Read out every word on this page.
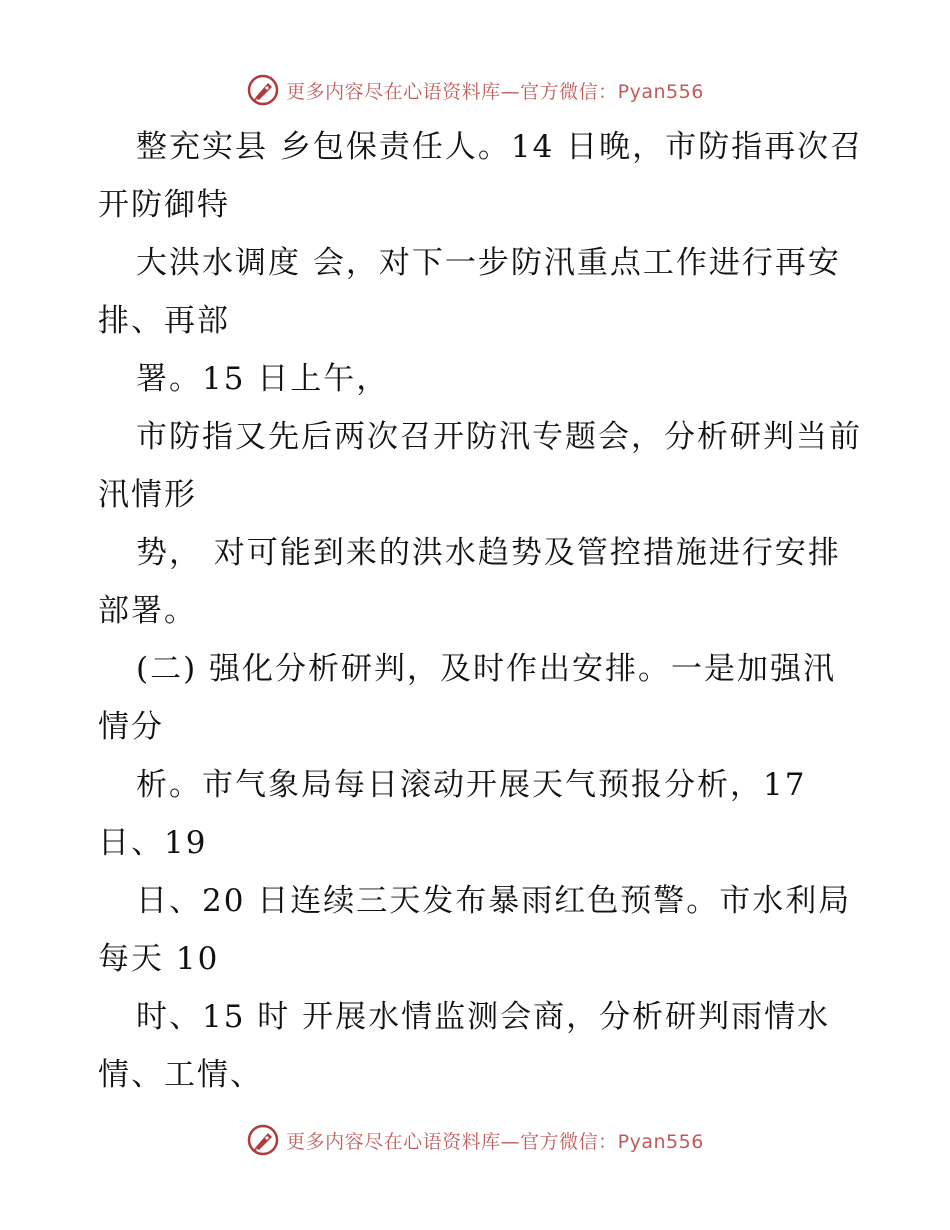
更多内容尽在心语资料库—官方微信：Pyan556

整充实县 乡包保责任人。14 日晚，市防指再次召开防御特

大洪水调度 会，对下一步防汛重点工作进行再安排、再部

署。15 日上午，

市防指又先后两次召开防汛专题会，分析研判当前汛情形

势， 对可能到来的洪水趋势及管控措施进行安排部署。

(二) 强化分析研判，及时作出安排。一是加强汛情分

析。市气象局每日滚动开展天气预报分析，17 日、19

日、20 日连续三天发布暴雨红色预警。市水利局每天 10

时、15 时 开展水情监测会商，分析研判雨情水情、工情、

更多内容尽在心语资料库—官方微信：Pyan556
